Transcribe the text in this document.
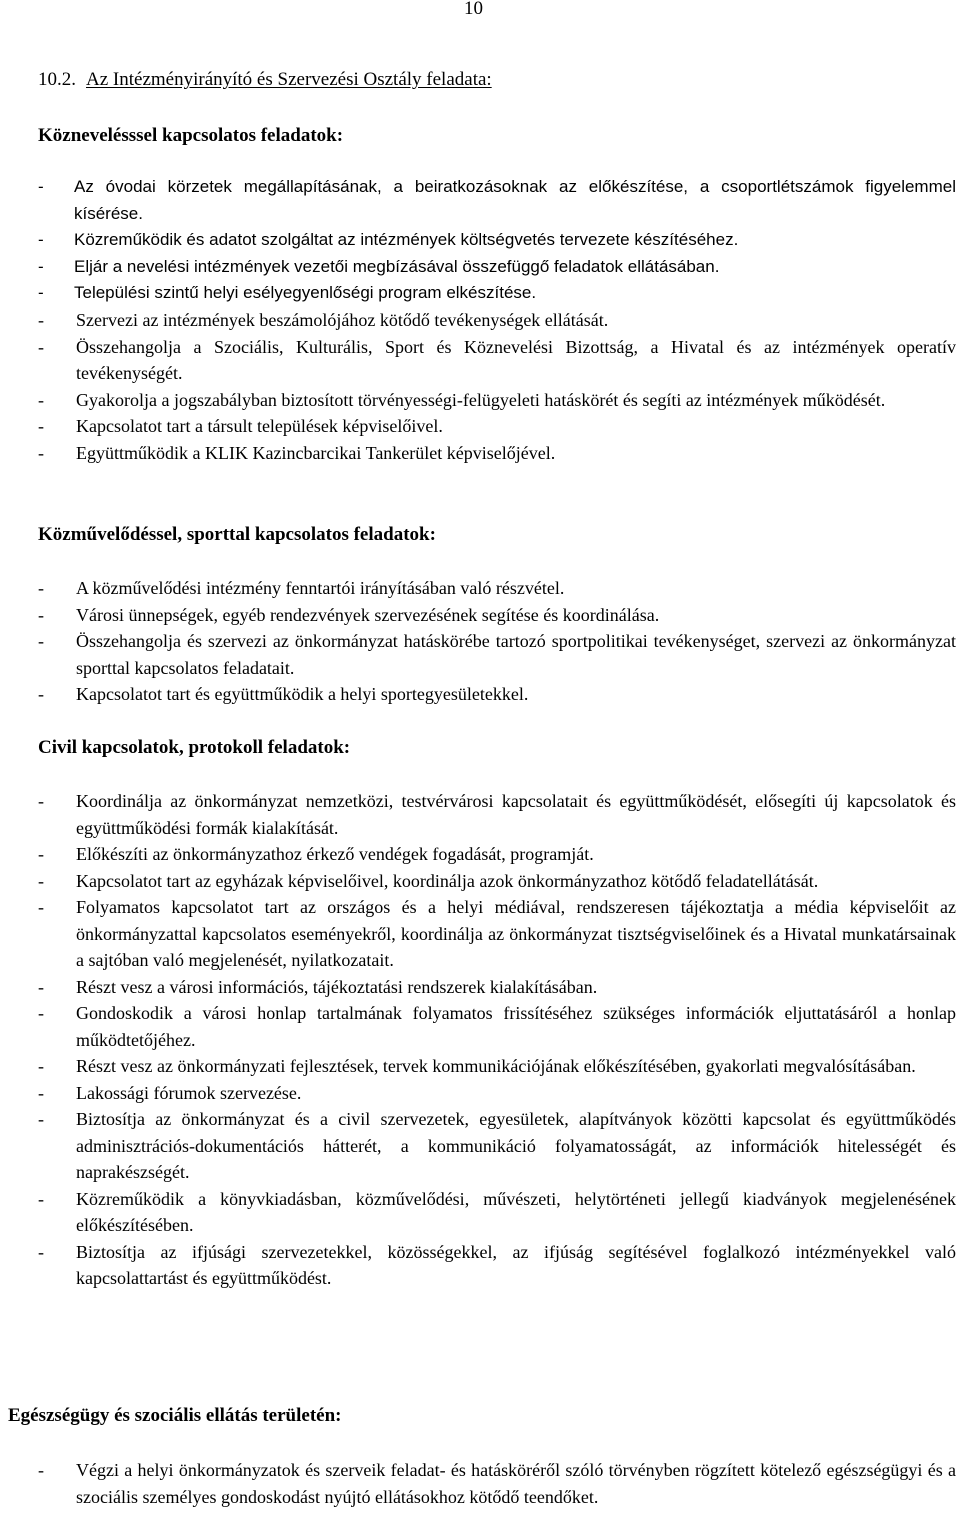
10
10.2. Az Intézményirányító és Szervezési Osztály feladata:
Köznevelésssel kapcsolatos feladatok:
- Az óvodai körzetek megállapításának, a beiratkozásoknak az előkészítése, a csoportlétszámok figyelemmel kísérése.
- Közreműködik és adatot szolgáltat az intézmények költségvetés tervezete készítéséhez.
- Eljár a nevelési intézmények vezetői megbízásával összefüggő feladatok ellátásában.
- Települési szintű helyi esélyegyenlőségi program elkészítése.
- Szervezi az intézmények beszámolójához kötődő tevékenységek ellátását.
- Összehangolja a Szociális, Kulturális, Sport és Köznevelési Bizottság, a Hivatal és az intézmények operatív tevékenységét.
- Gyakorolja a jogszabályban biztosított törvényességi-felügyeleti hatáskörét és segíti az intézmények működését.
- Kapcsolatot tart a társult települések képviselőivel.
- Együttműködik a KLIK Kazincbarcikai Tankerület képviselőjével.
Közművelődéssel, sporttal kapcsolatos feladatok:
- A közművelődési intézmény fenntartói irányításában való részvétel.
- Városi ünnepségek, egyéb rendezvények szervezésének segítése és koordinálása.
- Összehangolja és szervezi az önkormányzat hatáskörébe tartozó sportpolitikai tevékenységet, szervezi az önkormányzat sporttal kapcsolatos feladatait.
- Kapcsolatot tart és együttműködik a helyi sportegyesületekkel.
Civil kapcsolatok, protokoll feladatok:
- Koordinálja az önkormányzat nemzetközi, testvérvárosi kapcsolatait és együttműködését, elősegíti új kapcsolatok és együttműködési formák kialakítását.
- Előkészíti az önkormányzathoz érkező vendégek fogadását, programját.
- Kapcsolatot tart az egyházak képviselőivel, koordinálja azok önkormányzathoz kötődő feladatellátását.
- Folyamatos kapcsolatot tart az országos és a helyi médiával, rendszeresen tájékoztatja a média képviselőit az önkormányzattal kapcsolatos eseményekről, koordinálja az önkormányzat tisztségviselőinek és a Hivatal munkatársainak a sajtóban való megjelenését, nyilatkozatait.
- Részt vesz a városi információs, tájékoztatási rendszerek kialakításában.
- Gondoskodik a városi honlap tartalmának folyamatos frissítéséhez szükséges információk eljuttatásáról a honlap működtetőjéhez.
- Részt vesz az önkormányzati fejlesztések, tervek kommunikációjának előkészítésében, gyakorlati megvalósításában.
- Lakossági fórumok szervezése.
- Biztosítja az önkormányzat és a civil szervezetek, egyesületek, alapítványok közötti kapcsolat és együttműködés adminisztrációs-dokumentációs hátterét, a kommunikáció folyamatosságát, az információk hitelességét és naprakészségét.
- Közreműködik a könyvkiadásban, közművelődési, művészeti, helytörténeti jellegű kiadványok megjelenésének előkészítésében.
- Biztosítja az ifjúsági szervezetekkel, közösségekkel, az ifjúság segítésével foglalkozó intézményekkel való kapcsolattartást és együttműködést.
Egészségügy és szociális ellátás területén:
- Végzi a helyi önkormányzatok és szerveik feladat- és hatásköréről szóló törvényben rögzített kötelező egészségügyi és a szociális személyes gondoskodást nyújtó ellátásokhoz kötődő teendőket.
